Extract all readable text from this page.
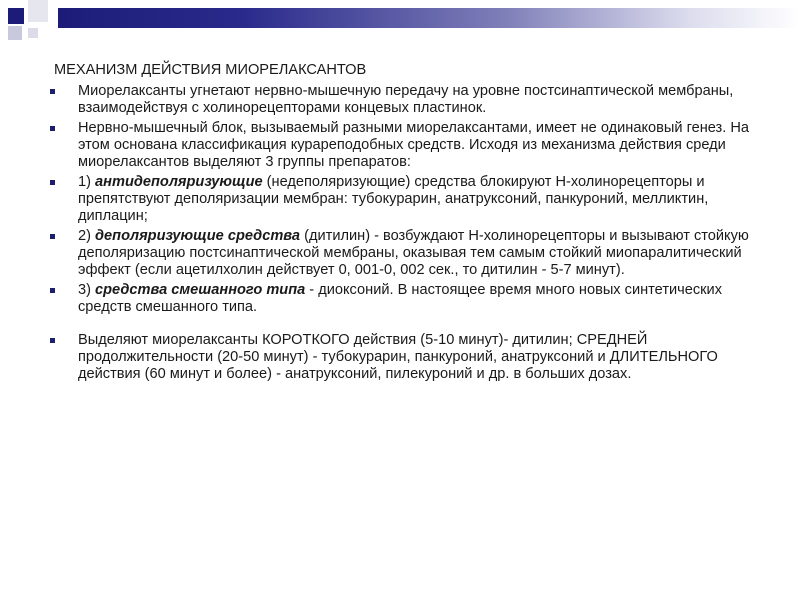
МЕХАНИЗМ ДЕЙСТВИЯ МИОРЕЛАКСАНТОВ
Миорелаксанты угнетают нервно-мышечную передачу на уровне постсинаптической мембраны, взаимодействуя с холинорецепторами концевых пластинок.
Нервно-мышечный блок, вызываемый разными миорелаксантами, имеет не одинаковый генез. На этом основана классификация курареподобных средств. Исходя из механизма действия среди миорелаксантов выделяют 3 группы препаратов:
1) антидеполяризующие (недеполяризующие) средства блокируют Н-холинорецепторы и препятствуют деполяризации мембран: тубокурарин, анатруксоний, панкуроний, мелликтин, диплацин;
2) деполяризующие средства (дитилин) - возбуждают Н-холинорецепторы и вызывают стойкую деполяризацию постсинаптической мембраны, оказывая тем самым стойкий миопаралитический эффект (если ацетилхолин действует 0, 001-0, 002 сек., то дитилин - 5-7 минут).
3) средства смешанного типа - диоксоний. В настоящее время много новых синтетических средств смешанного типа.
Выделяют миорелаксанты КОРОТКОГО действия (5-10 минут)- дитилин; СРЕДНЕЙ продолжительности (20-50 минут) - тубокурарин, панкуроний, анатруксоний и ДЛИТЕЛЬНОГО действия (60 минут и более) - анатруксоний, пилекуроний и др. в больших дозах.
